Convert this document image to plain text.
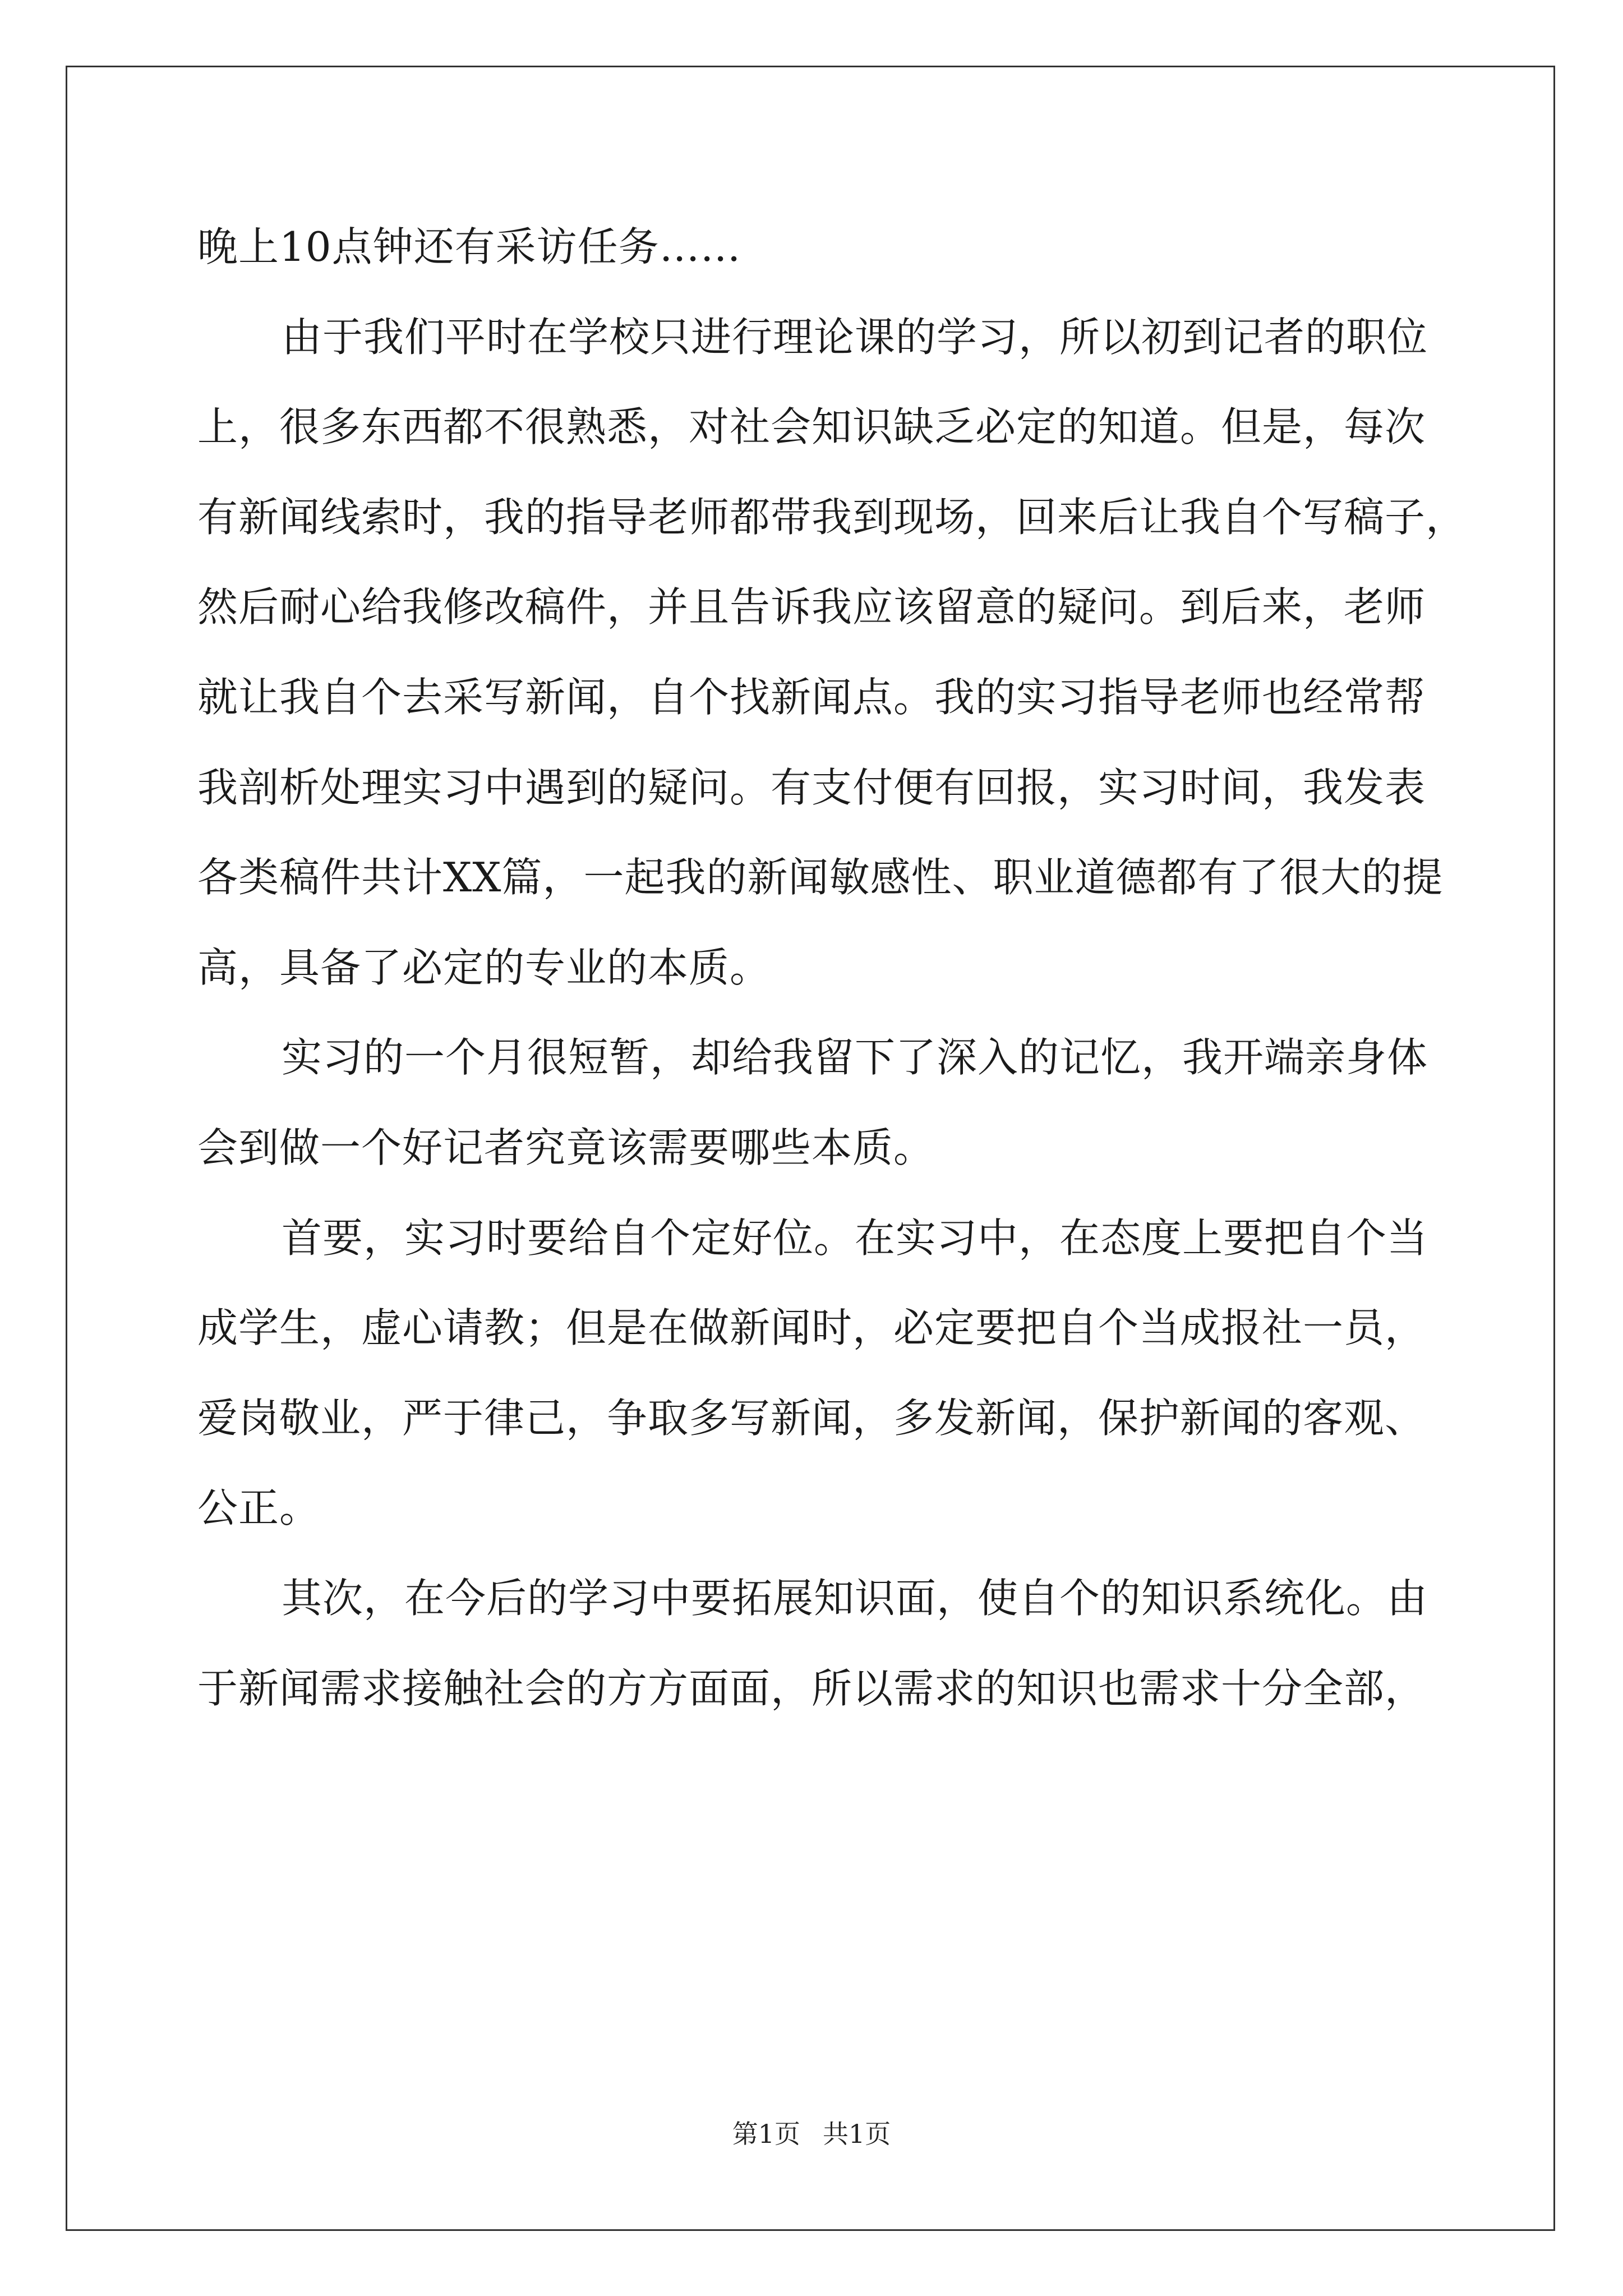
晚上10点钟还有采访任务……
由于我们平时在学校只进行理论课的学习，所以初到记者的职位
上，很多东西都不很熟悉，对社会知识缺乏必定的知道。但是，每次
有新闻线索时，我的指导老师都带我到现场，回来后让我自个写稿子，
然后耐心给我修改稿件，并且告诉我应该留意的疑问。到后来，老师
就让我自个去采写新闻，自个找新闻点。我的实习指导老师也经常帮
我剖析处理实习中遇到的疑问。有支付便有回报，实习时间，我发表
各类稿件共计XX篇，一起我的新闻敏感性、职业道德都有了很大的提
高，具备了必定的专业的本质。
实习的一个月很短暂，却给我留下了深入的记忆，我开端亲身体
会到做一个好记者究竟该需要哪些本质。
首要，实习时要给自个定好位。在实习中，在态度上要把自个当
成学生，虚心请教；但是在做新闻时，必定要把自个当成报社一员，
爱岗敬业，严于律己，争取多写新闻，多发新闻，保护新闻的客观、
公正。
其次，在今后的学习中要拓展知识面，使自个的知识系统化。由
于新闻需求接触社会的方方面面，所以需求的知识也需求十分全部，
第1页 共1页
